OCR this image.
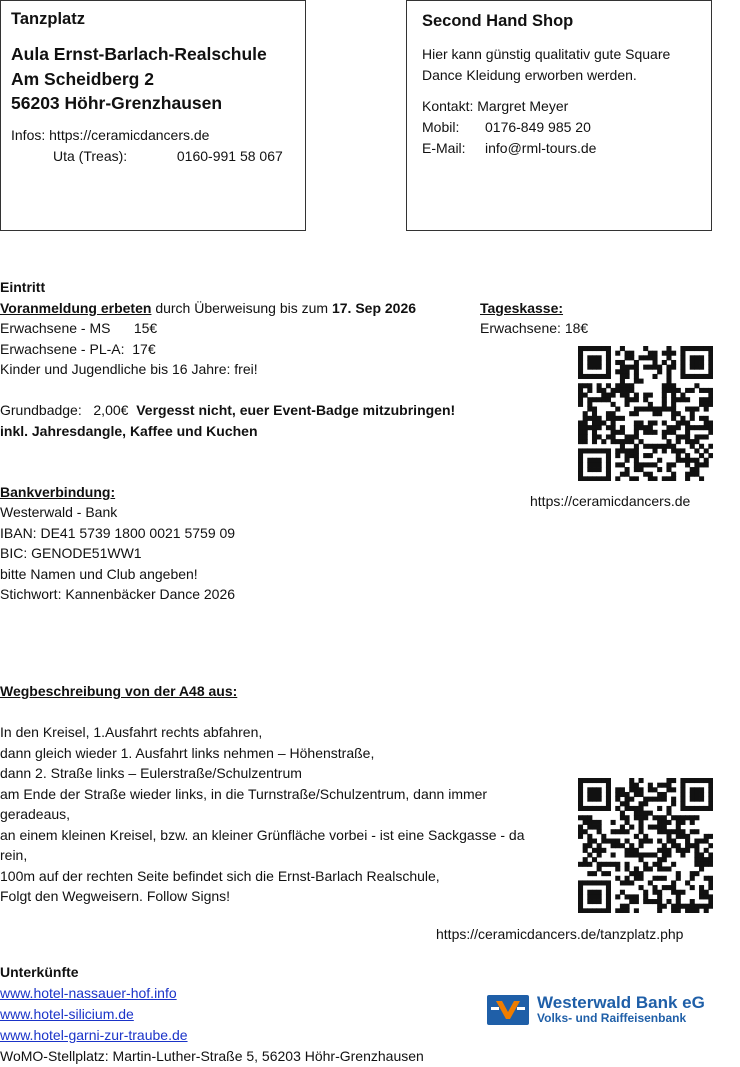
Tanzplatz
Aula Ernst-Barlach-Realschule
Am Scheidberg 2
56203 Höhr-Grenzhausen
Infos: https://ceramicdancers.de
Uta (Treas):	0160-991 58 067
Second Hand Shop
Hier kann günstig qualitativ gute Square
Dance Kleidung erworben werden.
Kontakt: Margret Meyer
Mobil: 0176-849 985 20
E-Mail: info@rml-tours.de
Eintritt
Voranmeldung erbeten durch Überweisung bis zum 17. Sep 2026
Erwachsene - MS      15€
Erwachsene - PL-A:  17€
Kinder und Jugendliche bis 16 Jahre: frei!
Grundbadge:   2,00€ Vergesst nicht, euer Event-Badge mitzubringen!
inkl. Jahresdangle, Kaffee und Kuchen
Tageskasse:
Erwachsene: 18€
https://ceramicdancers.de
Bankverbindung:
Westerwald - Bank
IBAN: DE41 5739 1800 0021 5759 09
BIC: GENODE51WW1
bitte Namen und Club angeben!
Stichwort: Kannenbäcker Dance 2026
Wegbeschreibung von der A48 aus:
In den Kreisel, 1.Ausfahrt rechts abfahren,
dann gleich wieder 1. Ausfahrt links nehmen – Höhenstraße,
dann 2. Straße links – Eulerstraße/Schulzentrum
am Ende der Straße wieder links, in die Turnstraße/Schulzentrum, dann immer
geradeaus,
an einem kleinen Kreisel, bzw. an kleiner Grünfläche vorbei - ist eine Sackgasse - da
rein,
100m auf der rechten Seite befindet sich die Ernst-Barlach Realschule,
Folgt den Wegweisern. Follow Signs!
https://ceramicdancers.de/tanzplatz.php
Unterkünfte
www.hotel-nassauer-hof.info
www.hotel-silicium.de
www.hotel-garni-zur-traube.de
WoMO-Stellplatz: Martin-Luther-Straße 5, 56203 Höhr-Grenzhausen
Westerwald Bank eG
Volks- und Raiffeisenbank
